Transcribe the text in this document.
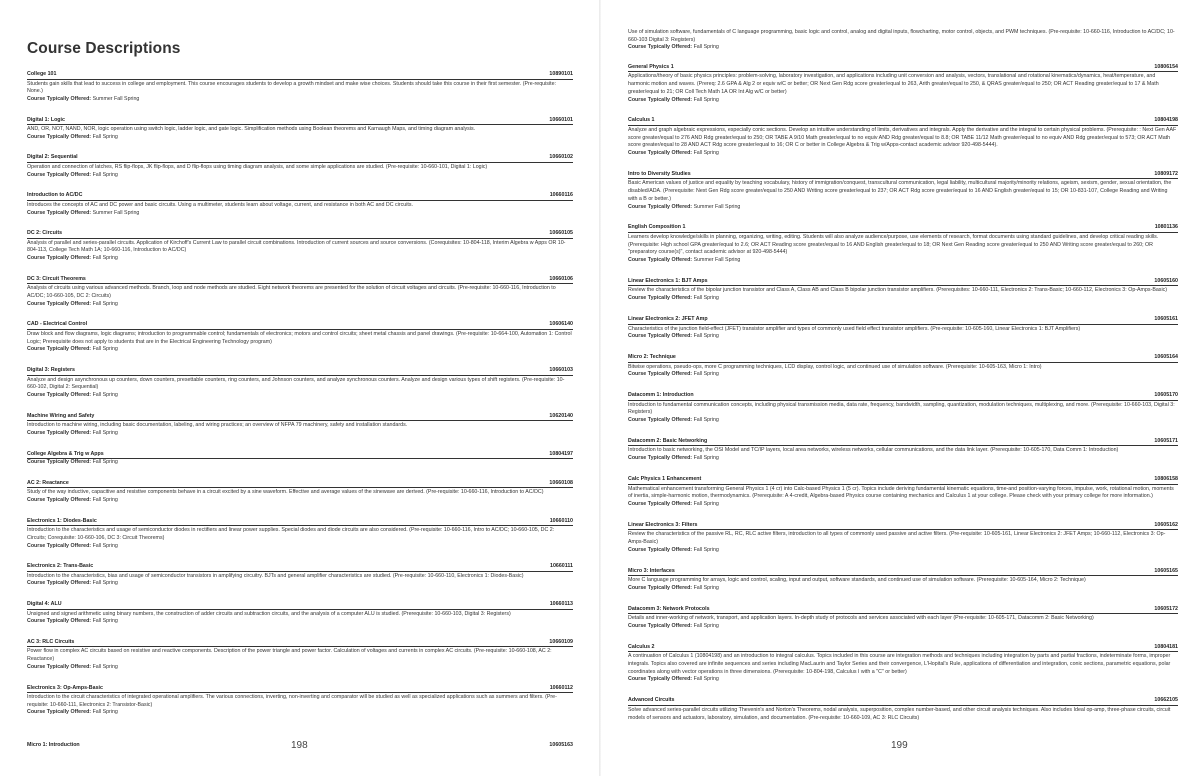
Course Descriptions
College 101	10890101
Students gain skills that lead to success in college and employment. This course encourages students to develop a growth mindset and make wise choices. Students should take this course in their first semester. (Pre-requisite: None.)
Course Typically Offered: Summer Fall Spring
Digital 1: Logic	10660101
AND, OR, NOT, NAND, NOR, logic operation using switch logic, ladder logic, and gate logic. Simplification methods using Boolean theorems and Karnaugh Maps, and timing diagram analysis.
Course Typically Offered: Fall Spring
Digital 2: Sequential	10660102
Operation and connection of latches, RS flip-flops, JK flip-flops, and D flip-flops using timing diagram analysis, and some simple applications are studied. (Pre-requisite: 10-660-101, Digital 1: Logic)
Course Typically Offered: Fall Spring
Introduction to AC/DC	10660116
Introduces the concepts of AC and DC power and basic circuits. Using a multimeter, students learn about voltage, current, and resistance in both AC and DC circuits.
Course Typically Offered: Summer Fall Spring
DC 2: Circuits	10660105
Analysis of parallel and series-parallel circuits. Application of Kirchoff's Current Law to parallel circuit combinations. Introduction of current sources and source conversions. (Corequisites: 10-804-118, Interim Algebra w Apps OR 10-804-113, College Tech Math 1A; 10-660-116, Introduction to AC/DC)
Course Typically Offered: Fall Spring
DC 3: Circuit Theorems	10660106
Analysis of circuits using various advanced methods. Branch, loop and node methods are studied. Eight network theorems are presented for the solution of circuit voltages and circuits. (Pre-requisite: 10-660-116, Introduction to AC/DC; 10-660-105, DC 2: Circuits)
Course Typically Offered: Fall Spring
CAD - Electrical Control	10606140
Draw block and flow diagrams, logic diagrams; introduction to programmable control; fundamentals of electronics; motors and control circuits; sheet metal chassis and panel drawings. (Pre-requisite: 10-664-100, Automation 1: Control Logic; Prerequisite does not apply to students that are in the Electrical Engineering Technology program)
Course Typically Offered: Fall Spring
Digital 3: Registers	10660103
Analyze and design asynchronous up counters, down counters, presettable counters, ring counters, and Johnson counters, and analyze synchronous counters. Analyze and design various types of shift registers. (Pre-requisite: 10-660-102, Digital 2: Sequential)
Course Typically Offered: Fall Spring
Machine Wiring and Safety	10620140
Introduction to machine wiring, including basic documentation, labeling, and wiring practices; an overview of NFPA 79 machinery, safety and installation standards.
Course Typically Offered: Fall Spring
College Algebra & Trig w Apps	10804197
Course Typically Offered: Fall Spring
AC 2: Reactance	10660108
Study of the way inductive, capacitive and resistive components behave in a circuit excited by a sine waveform. Effective and average values of the sinewave are derived. (Pre-requisite: 10-660-116, Introduction to AC/DC)
Course Typically Offered: Fall Spring
Electronics 1: Diodes-Basic	10660110
Introduction to the characteristics and usage of semiconductor diodes in rectifiers and linear power supplies. Special diodes and diode circuits are also considered. (Pre-requisite: 10-660-116, Intro to AC/DC; 10-660-105, DC 2: Circuits; Corequisite: 10-660-106, DC 3: Circuit Theorems)
Course Typically Offered: Fall Spring
Electronics 2: Trans-Basic	10660111
Introduction to the characteristics, bias and usage of semiconductor transistors in amplifying circuitry. BJTs and general amplifier characteristics are studied. (Pre-requisite: 10-660-110, Electronics 1: Diodes-Basic)
Course Typically Offered: Fall Spring
Digital 4: ALU	10660113
Unsigned and signed arithmetic using binary numbers, the construction of adder circuits and subtraction circuits, and the analysis of a computer ALU is studied. (Prerequisite: 10-660-103, Digital 3: Registers)
Course Typically Offered: Fall Spring
AC 3: RLC Circuits	10660109
Power flow in complex AC circuits based on resistive and reactive components. Description of the power triangle and power factor. Calculation of voltages and currents in complex AC circuits. (Pre-requisite: 10-660-108, AC 2: Reactance)
Course Typically Offered: Fall Spring
Electronics 3: Op-Amps-Basic	10660112
Introduction to the circuit characteristics of integrated operational amplifiers. The various connections, inverting, non-inverting and comparator will be studied as well as specialized applications such as summers and filters. (Pre-requisite: 10-660-111, Electronics 2: Transistor-Basic)
Course Typically Offered: Fall Spring
Micro 1: Introduction	10605163
198
Use of simulation software, fundamentals of C language programming, basic logic and control, analog and digital inputs, flowcharting, motor control, objects, and PWM techniques. (Pre-requisite: 10-660-116, Introduction to AC/DC; 10-660-103 Digital 3: Registers)
Course Typically Offered: Fall Spring
General Physics 1	10806154
Applications/theory of basic physics principles: problem-solving, laboratory investigation, and applications including unit conversion and analysis, vectors, translational and rotational kinematics/dynamics, heat/temperature, and harmonic motion and waves. (Prereq: 2.6 GPA & Alg 2 or equiv w/C or better; OR Next Gen Rdg score greater/equal to 263, Arith greater/equal to 250, & QRAS greater/equal to 250; OR ACT Reading greater/equal to 17 & Math greater/equal to 21; OR Coll Tech Math 1A OR Int Alg w/C or better)
Course Typically Offered: Fall Spring
Calculus 1	10804198
Analyze and graph algebraic expressions, especially conic sections. Develop an intuitive understanding of limits, derivatives and integrals. Apply the derivative and the integral to certain physical problems. (Prerequisite: : Next Gen AAF score greater/equal to 276 AND Rdg greater/equal to 250; OR TABE A 9/10 Math greater/equal to no equiv AND Rdg greater/equal to 8.8; OR TABE 11/12 Math greater/equal to no equiv AND Rdg greater/equal to 573; OR ACT Math score greater/equal to 28 AND ACT Rdg score greater/equal to 16; OR C or better in College Algebra & Trig w/Apps-contact academic advisor 920-498-5444).
Course Typically Offered: Fall Spring
Intro to Diversity Studies	10809172
Basic American values of justice and equality by teaching vocabulary, history of immigration/conquest, transcultural communication, legal liability, multicultural majority/minority relations, ageism, sexism, gender, sexual orientation, the disabled/ADA. (Prerequisite: Next Gen Rdg score greater/equal to 250 AND Writing score greater/equal to 237; OR ACT Rdg score greater/equal to 16 AND English greater/equal to 15; OR 10-831-107, College Reading and Writing with a B or better.)
Course Typically Offered: Summer Fall Spring
English Composition 1	10801136
Learners develop knowledge/skills in planning, organizing, writing, editing. Students will also analyze audience/purpose, use elements of research, format documents using standard guidelines, and develop critical reading skills. (Prerequisite: High school GPA greater/equal to 2.6; OR ACT Reading score greater/equal to 16 AND English greater/equal to 18; OR Next Gen Reading score greater/equal to 250 AND Writing score greater/equal to 260; OR "preparatory course(s)", contact academic advisor at 920-498-5444)
Course Typically Offered: Summer Fall Spring
Linear Electronics 1: BJT Amps	10605160
Review the characteristics of the bipolar junction transistor and Class A, Class AB and Class B bipolar junction transistor amplifiers. (Prerequisites: 10-660-111, Electronics 2: Trans-Basic; 10-660-112, Electronics 3: Op-Amps-Basic)
Course Typically Offered: Fall Spring
Linear Electronics 2: JFET Amp	10605161
Characteristics of the junction field-effect (JFET) transistor amplifier and types of commonly used field effect transistor amplifiers. (Pre-requisite: 10-605-160, Linear Electronics 1: BJT Amplifiers)
Course Typically Offered: Fall Spring
Micro 2: Technique	10605164
Bitwise operations, pseudo-ops, more C programming techniques, LCD display, control logic, and continued use of simulation software. (Prerequisite: 10-605-163, Micro 1: Intro)
Course Typically Offered: Fall Spring
Datacomm 1: Introduction	10605170
Introduction to fundamental communication concepts, including physical transmission media, data rate, frequency, bandwidth, sampling, quantization, modulation techniques, multiplexing, and more. (Prerequisite: 10-660-103, Digital 3: Registers)
Course Typically Offered: Fall Spring
Datacomm 2: Basic Networking	10605171
Introduction to basic networking, the OSI Model and TC/IP layers, local area networks, wireless networks, cellular communications, and the data link layer. (Prerequisite: 10-605-170, Data Comm 1: Introduction)
Course Typically Offered: Fall Spring
Calc Physics 1 Enhancement	10806158
Mathematical enhancement transforming General Physics 1 (4 cr) into Calc-based Physics 1 (5 cr). Topics include deriving fundamental kinematic equations, time-and position-varying forces, impulse, work, rotational motion, moments of inertia, simple-harmonic motion, thermodynamics. (Prerequisite: A 4-credit, Algebra-based Physics course containing mechanics and Calculus 1 at your college. Please check with your primary college for more information.)
Course Typically Offered: Fall Spring
Linear Electronics 3: Filters	10605162
Review the characteristics of the passive RL, RC, RLC active filters, introduction to all types of commonly used passive and active filters. (Pre-requisite: 10-605-161, Linear Electronics 2: JFET Amps; 10-660-112, Electronics 3: Op-Amps-Basic)
Course Typically Offered: Fall Spring
Micro 3: Interfaces	10605165
More C language programming for arrays, logic and control, scaling, input and output, software standards, and continued use of simulation software. (Prerequisite: 10-605-164, Micro 2: Technique)
Course Typically Offered: Fall Spring
Datacomm 3: Network Protocols	10605172
Details and inner-working of network, transport, and application layers. In-depth study of protocols and services associated with each layer (Pre-requisite: 10-605-171, Datacomm 2: Basic Networking)
Course Typically Offered: Fall Spring
Calculus 2	10804181
A continuation of Calculus 1 (10804198) and an introduction to integral calculus. Topics included in this course are integration methods and techniques including integration by parts and partial fractions, indeterminate forms, improper integrals. Topics also covered are infinite sequences and series including MacLaurin and Taylor Series and their convergence, L'Hopital's Rule, applications of differentiation and integration, conic sections, parametric equations, polar coordinates along with vector operations in three dimensions. (Prerequisite: 10-804-198, Calculus I with a "C" or better)
Course Typically Offered: Fall Spring
Advanced Circuits	10662105
Solve advanced series-parallel circuits utilizing Thevenin's and Norton's Theorems, nodal analysis, superposition, complex number-based, and other circuit analysis techniques. Also includes Ideal op-amp, three-phase circuits, circuit models of sensors and actuators, laboratory, simulation, and documentation. (Pre-requisite: 10-660-109, AC 3: RLC Circuits)
199
